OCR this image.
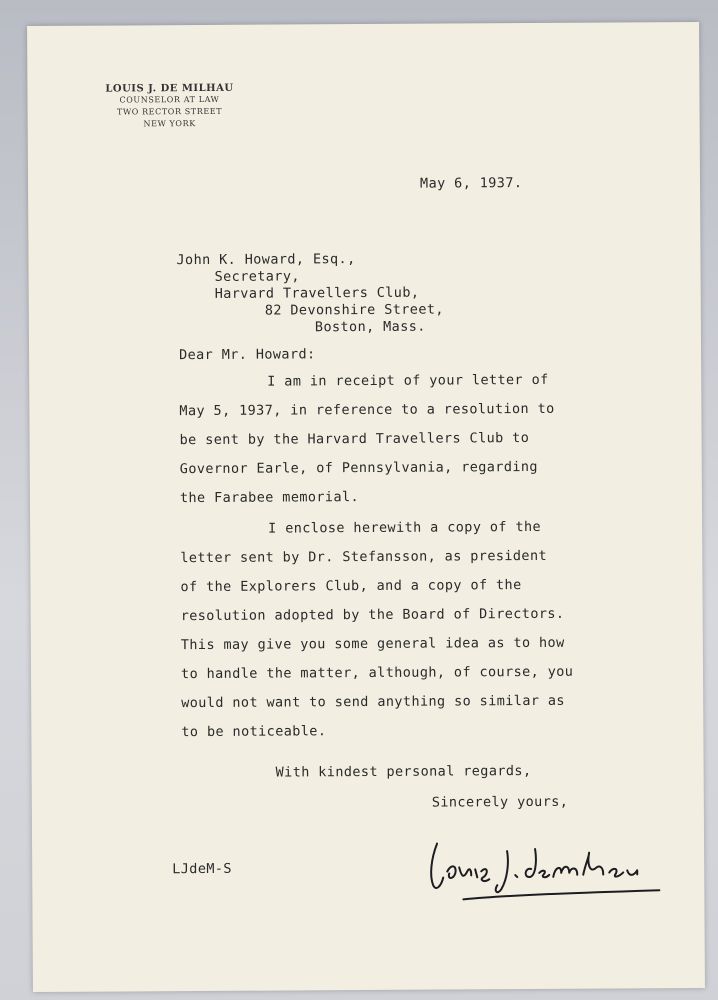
LOUIS J. DE MILHAU
COUNSELOR AT LAW
TWO RECTOR STREET
NEW YORK
May 6, 1937.
John K. Howard, Esq.,
Secretary,
Harvard Travellers Club,
82 Devonshire Street,
Boston, Mass.
Dear Mr. Howard:
I am in receipt of your letter of
May 5, 1937, in reference to a resolution to
be sent by the Harvard Travellers Club to
Governor Earle, of Pennsylvania, regarding
the Farabee memorial.
I enclose herewith a copy of the
letter sent by Dr. Stefansson, as president
of the Explorers Club, and a copy of the
resolution adopted by the Board of Directors.
This may give you some general idea as to how
to handle the matter, although, of course, you
would not want to send anything so similar as
to be noticeable.
With kindest personal regards,
Sincerely yours,
LJdeM-S
